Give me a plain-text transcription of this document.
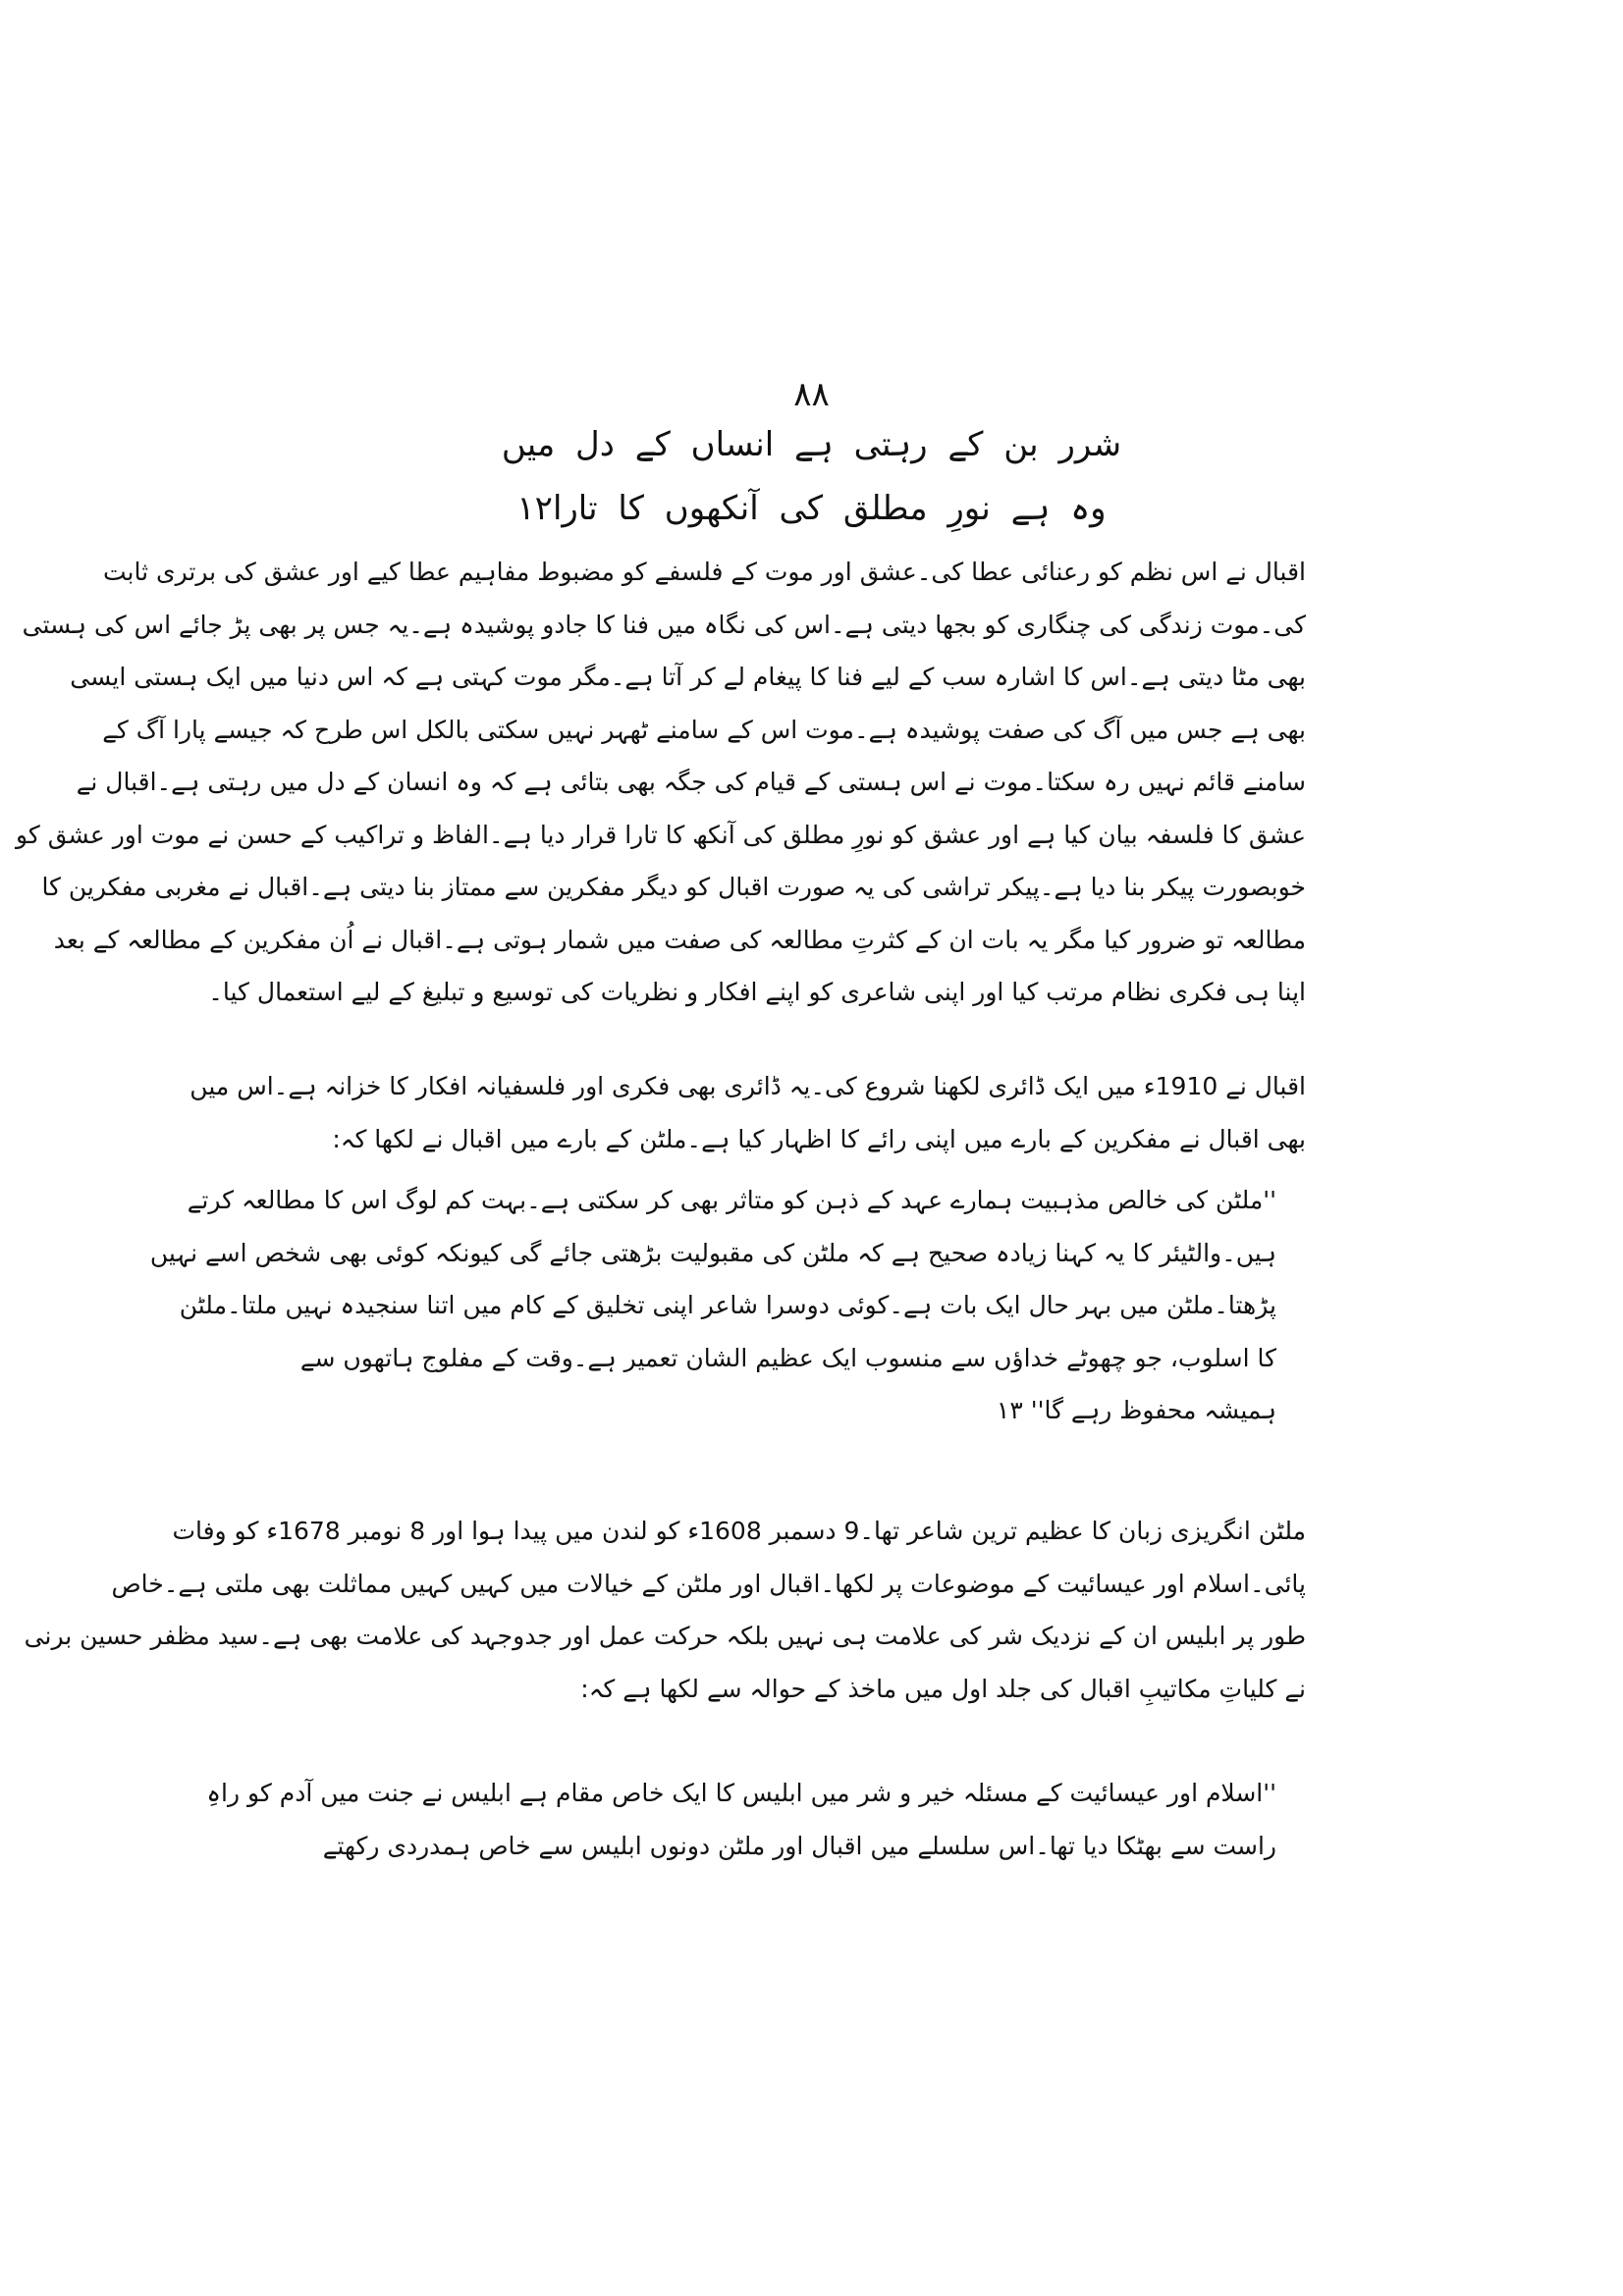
۸۸
شرر بن کے رہتی ہے انساں کے دل میں
وہ ہے نورِ مطلق کی آنکھوں کا تارا۱۲
اقبال نے اس نظم کو رعنائی عطا کی۔عشق اور موت کے فلسفے کو مضبوط مفاہیم عطا کیے اور عشق کی برتری ثابت
کی۔موت زندگی کی چنگاری کو بجھا دیتی ہے۔اس کی نگاہ میں فنا کا جادو پوشیدہ ہے۔یہ جس پر بھی پڑ جائے اس کی ہستی
بھی مٹا دیتی ہے۔اس کا اشارہ سب کے لیے فنا کا پیغام لے کر آتا ہے۔مگر موت کہتی ہے کہ اس دنیا میں ایک ہستی ایسی
بھی ہے جس میں آگ کی صفت پوشیدہ ہے۔موت اس کے سامنے ٹھہر نہیں سکتی بالکل اس طرح کہ جیسے پارا آگ کے
سامنے قائم نہیں رہ سکتا۔موت نے اس ہستی کے قیام کی جگہ بھی بتائی ہے کہ وہ انسان کے دل میں رہتی ہے۔اقبال نے
عشق کا فلسفہ بیان کیا ہے اور عشق کو نورِ مطلق کی آنکھ کا تارا قرار دیا ہے۔الفاظ و تراکیب کے حسن نے موت اور عشق کو
خوبصورت پیکر بنا دیا ہے۔پیکر تراشی کی یہ صورت اقبال کو دیگر مفکرین سے ممتاز بنا دیتی ہے۔اقبال نے مغربی مفکرین کا
مطالعہ تو ضرور کیا مگر یہ بات ان کے کثرتِ مطالعہ کی صفت میں شمار ہوتی ہے۔اقبال نے اُن مفکرین کے مطالعہ کے بعد
اپنا ہی فکری نظام مرتب کیا اور اپنی شاعری کو اپنے افکار و نظریات کی توسیع و تبلیغ کے لیے استعمال کیا۔
اقبال نے 1910ء میں ایک ڈائری لکھنا شروع کی۔یہ ڈائری بھی فکری اور فلسفیانہ افکار کا خزانہ ہے۔اس میں
بھی اقبال نے مفکرین کے بارے میں اپنی رائے کا اظہار کیا ہے۔ملٹن کے بارے میں اقبال نے لکھا کہ:
''ملٹن کی خالص مذہبیت ہمارے عہد کے ذہن کو متاثر بھی کر سکتی ہے۔بہت کم لوگ اس کا مطالعہ کرتے
ہیں۔والٹیئر کا یہ کہنا زیادہ صحیح ہے کہ ملٹن کی مقبولیت بڑھتی جائے گی کیونکہ کوئی بھی شخص اسے نہیں
پڑھتا۔ملٹن میں بہر حال ایک بات ہے۔کوئی دوسرا شاعر اپنی تخلیق کے کام میں اتنا سنجیدہ نہیں ملتا۔ملٹن
کا اسلوب، جو چھوٹے خداؤں سے منسوب ایک عظیم الشان تعمیر ہے۔وقت کے مفلوج ہاتھوں سے
ہمیشہ محفوظ رہے گا'' ۱۳
ملٹن انگریزی زبان کا عظیم ترین شاعر تھا۔9 دسمبر 1608ء کو لندن میں پیدا ہوا اور 8 نومبر 1678ء کو وفات
پائی۔اسلام اور عیسائیت کے موضوعات پر لکھا۔اقبال اور ملٹن کے خیالات میں کہیں کہیں مماثلت بھی ملتی ہے۔خاص
طور پر ابلیس ان کے نزدیک شر کی علامت ہی نہیں بلکہ حرکت عمل اور جدوجہد کی علامت بھی ہے۔سید مظفر حسین برنی
نے کلیاتِ مکاتیبِ اقبال کی جلد اول میں ماخذ کے حوالہ سے لکھا ہے کہ:
''اسلام اور عیسائیت کے مسئلہ خیر و شر میں ابلیس کا ایک خاص مقام ہے ابلیس نے جنت میں آدم کو راہِ
راست سے بھٹکا دیا تھا۔اس سلسلے میں اقبال اور ملٹن دونوں ابلیس سے خاص ہمدردی رکھتے
